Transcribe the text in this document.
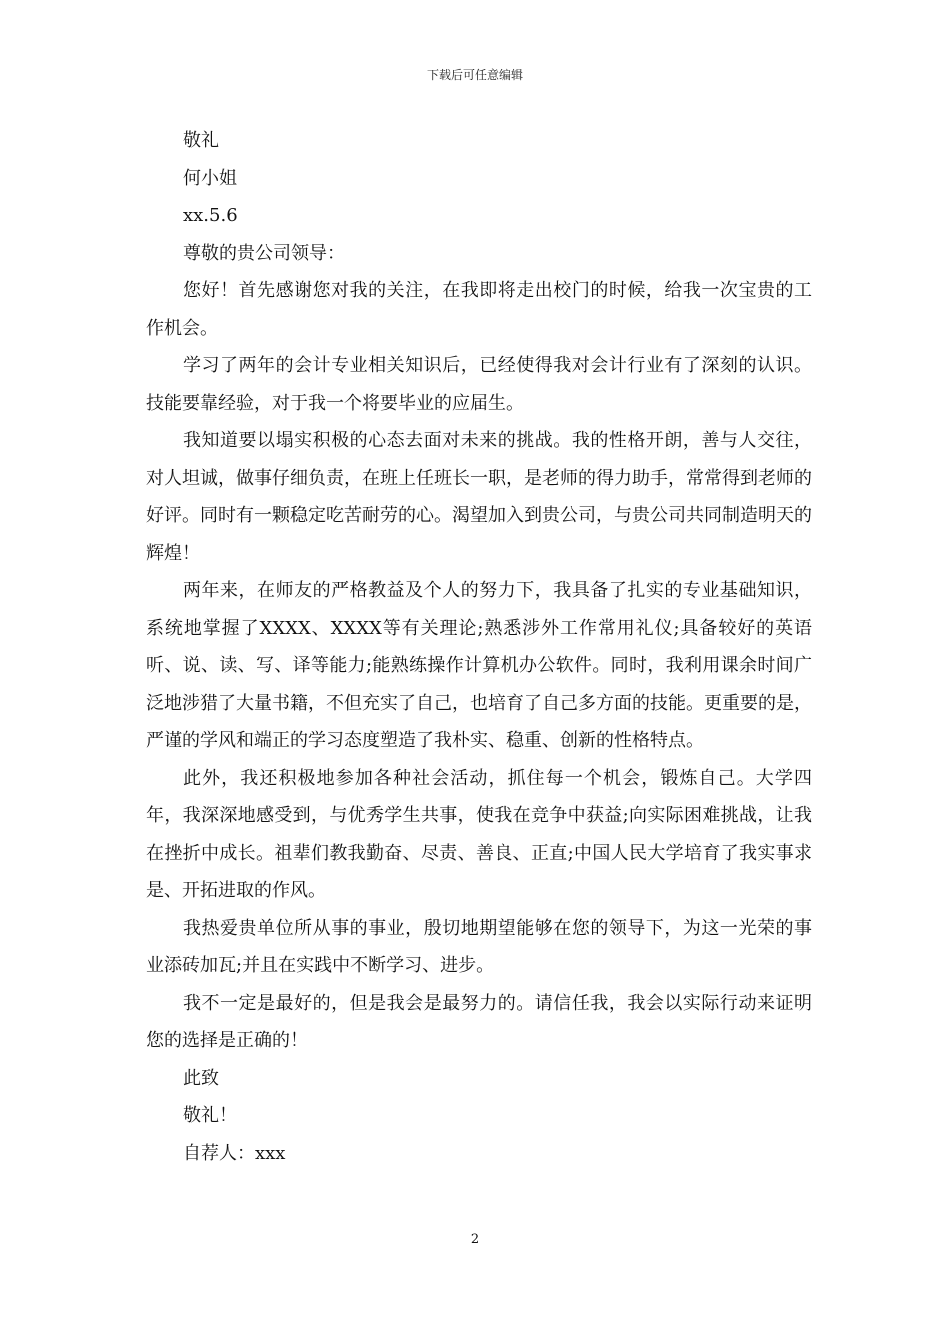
下载后可任意编辑

敬礼

何小姐

xx.5.6

尊敬的贵公司领导：

您好！首先感谢您对我的关注，在我即将走出校门的时候，给我一次宝贵的工作机会。

学习了两年的会计专业相关知识后，已经使得我对会计行业有了深刻的认识。技能要靠经验，对于我一个将要毕业的应届生。

我知道要以塌实积极的心态去面对未来的挑战。我的性格开朗，善与人交往，对人坦诚，做事仔细负责，在班上任班长一职，是老师的得力助手，常常得到老师的好评。同时有一颗稳定吃苦耐劳的心。渴望加入到贵公司，与贵公司共同制造明天的辉煌！

两年来，在师友的严格教益及个人的努力下，我具备了扎实的专业基础知识，系统地掌握了XXXX、XXXX等有关理论;熟悉涉外工作常用礼仪;具备较好的英语听、说、读、写、译等能力;能熟练操作计算机办公软件。同时，我利用课余时间广泛地涉猎了大量书籍，不但充实了自己，也培育了自己多方面的技能。更重要的是，严谨的学风和端正的学习态度塑造了我朴实、稳重、创新的性格特点。

此外，我还积极地参加各种社会活动，抓住每一个机会，锻炼自己。大学四年，我深深地感受到，与优秀学生共事，使我在竞争中获益;向实际困难挑战，让我在挫折中成长。祖辈们教我勤奋、尽责、善良、正直;中国人民大学培育了我实事求是、开拓进取的作风。

我热爱贵单位所从事的事业，殷切地期望能够在您的领导下，为这一光荣的事业添砖加瓦;并且在实践中不断学习、进步。

我不一定是最好的，但是我会是最努力的。请信任我，我会以实际行动来证明您的选择是正确的！

此致

敬礼！

自荐人：xxx

2
